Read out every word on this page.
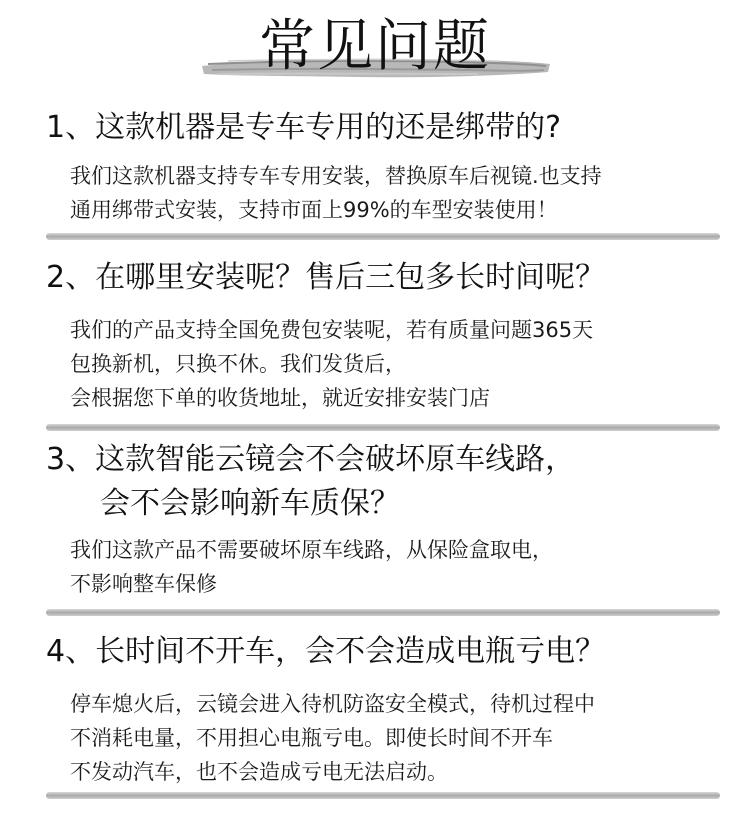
常见问题

1、这款机器是专车专用的还是绑带的?

我们这款机器支持专车专用安装，替换原车后视镜.也支持

通用绑带式安装，支持市面上99%的车型安装使用！

2、在哪里安装呢？售后三包多长时间呢？

我们的产品支持全国免费包安装呢，若有质量问题365天

包换新机，只换不休。我们发货后，

会根据您下单的收货地址，就近安排安装门店

3、这款智能云镜会不会破坏原车线路，

会不会影响新车质保？

我们这款产品不需要破坏原车线路，从保险盒取电，

不影响整车保修

4、长时间不开车，会不会造成电瓶亏电？

停车熄火后，云镜会进入待机防盗安全模式，待机过程中

不消耗电量，不用担心电瓶亏电。即使长时间不开车

不发动汽车，也不会造成亏电无法启动。
